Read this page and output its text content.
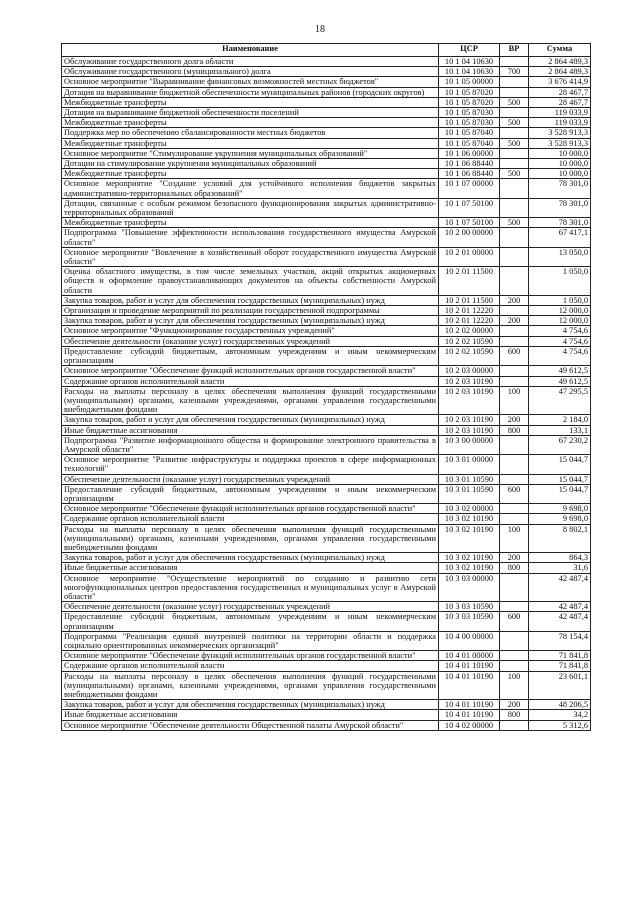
18
Наименование	ЦСР	ВР	Сумма
Обслуживание государственного долга области	10 1 04 10630		2 864 489,3
Обслуживание государственного (муниципального) долга	10 1 04 10630	700	2 864 489,3
Основное мероприятие "Выравнивание финансовых возможностей местных бюджетов"	10 1 05 00000		3 676 414,9
Дотация на выравнивание бюджетной обеспеченности муниципальных районов (городских округов)	10 1 05 87020		28 467,7
Межбюджетные трансферты	10 1 05 87020	500	28 467,7
Дотация на выравнивание бюджетной обеспеченности поселений	10 1 05 87030		119 033,9
Межбюджетные трансферты	10 1 05 87030	500	119 033,9
Поддержка мер по обеспечению сбалансированности местных бюджетов	10 1 05 87040		3 528 913,3
Межбюджетные трансферты	10 1 05 87040	500	3 528 913,3
Основное мероприятие "Стимулирование укрупнения муниципальных образований"	10 1 06 00000		10 000,0
Дотации на стимулирование укрупнения муниципальных образований	10 1 06 88440		10 000,0
Межбюджетные трансферты	10 1 06 88440	500	10 000,0
Основное мероприятие "Создание условий для устойчивого исполнения бюджетов закрытых административно-территориальных образований"	10 1 07 00000		78 301,0
Дотации, связанные с особым режимом безопасного функционирования закрытых административно-территориальных образований	10 1 07 50100		78 301,0
Межбюджетные трансферты	10 1 07 50100	500	78 301,0
Подпрограмма "Повышение эффективности использования государственного имущества Амурской области"	10 2 00 00000		67 417,1
Основное мероприятие "Вовлечение в хозяйственный оборот государственного имущества Амурской области"	10 2 01 00000		13 050,0
Оценка областного имущества, в том числе земельных участков, акций открытых акционерных обществ и оформление правоустанавливающих документов на объекты собственности Амурской области	10 2 01 11500		1 050,0
Закупка товаров, работ и услуг для обеспечения государственных (муниципальных) нужд	10 2 01 11500	200	1 050,0
Организация и проведение мероприятий по реализации государственной подпрограммы	10 2 01 12220		12 000,0
Закупка товаров, работ и услуг для обеспечения государственных (муниципальных) нужд	10 2 01 12220	200	12 000,0
Основное мероприятие "Функционирование государственных учреждений"	10 2 02 00000		4 754,6
Обеспечение деятельности (оказание услуг) государственных учреждений	10 2 02 10590		4 754,6
Предоставление субсидий бюджетным, автономным учреждениям и иным некоммерческим организациям	10 2 02 10590	600	4 754,6
Основное мероприятие "Обеспечение функций исполнительных органов государственной власти"	10 2 03 00000		49 612,5
Содержание органов исполнительной власти	10 2 03 10190		49 612,5
Расходы на выплаты персоналу в целях обеспечения выполнения функций государственными (муниципальными) органами, казенными учреждениями, органами управления государственными внебюджетными фондами	10 2 03 10190	100	47 295,5
Закупка товаров, работ и услуг для обеспечения государственных (муниципальных) нужд	10 2 03 10190	200	2 184,0
Иные бюджетные ассигнования	10 2 03 10190	800	133,1
Подпрограмма "Развитие информационного общества и формирование электронного правительства в Амурской области"	10 3 00 00000		67 230,2
Основное мероприятие "Развитие инфраструктуры и поддержка проектов в сфере информационных технологий"	10 3 01 00000		15 044,7
Обеспечение деятельности (оказание услуг) государственных учреждений	10 3 01 10590		15 044,7
Предоставление субсидий бюджетным, автономным учреждениям и иным некоммерческим организациям	10 3 01 10590	600	15 044,7
Основное мероприятие "Обеспечение функций исполнительных органов государственной власти"	10 3 02 00000		9 698,0
Содержание органов исполнительной власти	10 3 02 10190		9 698,0
Расходы на выплаты персоналу в целях обеспечения выполнения функций государственными (муниципальными) органами, казенными учреждениями, органами управления государственными внебюджетными фондами	10 3 02 10190	100	8 802,1
Закупка товаров, работ и услуг для обеспечения государственных (муниципальных) нужд	10 3 02 10190	200	864,3
Иные бюджетные ассигнования	10 3 02 10190	800	31,6
Основное мероприятие "Осуществление мероприятий по созданию и развитию сети многофункциональных центров предоставления государственных и муниципальных услуг в Амурской области"	10 3 03 00000		42 487,4
Обеспечение деятельности (оказание услуг) государственных учреждений	10 3 03 10590		42 487,4
Предоставление субсидий бюджетным, автономным учреждениям и иным некоммерческим организациям	10 3 03 10590	600	42 487,4
Подпрограмма "Реализация единой внутренней политики на территории области и поддержка социально ориентированных некоммерческих организаций"	10 4 00 00000		78 154,4
Основное мероприятие "Обеспечение функций исполнительных органов государственной власти"	10 4 01 00000		71 841,8
Содержание органов исполнительной власти	10 4 01 10190		71 841,8
Расходы на выплаты персоналу в целях обеспечения выполнения функций государственными (муниципальными) органами, казенными учреждениями, органами управления государственными внебюджетными фондами	10 4 01 10190	100	23 601,1
Закупка товаров, работ и услуг для обеспечения государственных (муниципальных) нужд	10 4 01 10190	200	48 206,5
Иные бюджетные ассигнования	10 4 01 10190	800	34,2
Основное мероприятие "Обеспечение деятельности Общественной палаты Амурской области"	10 4 02 00000		5 312,6
